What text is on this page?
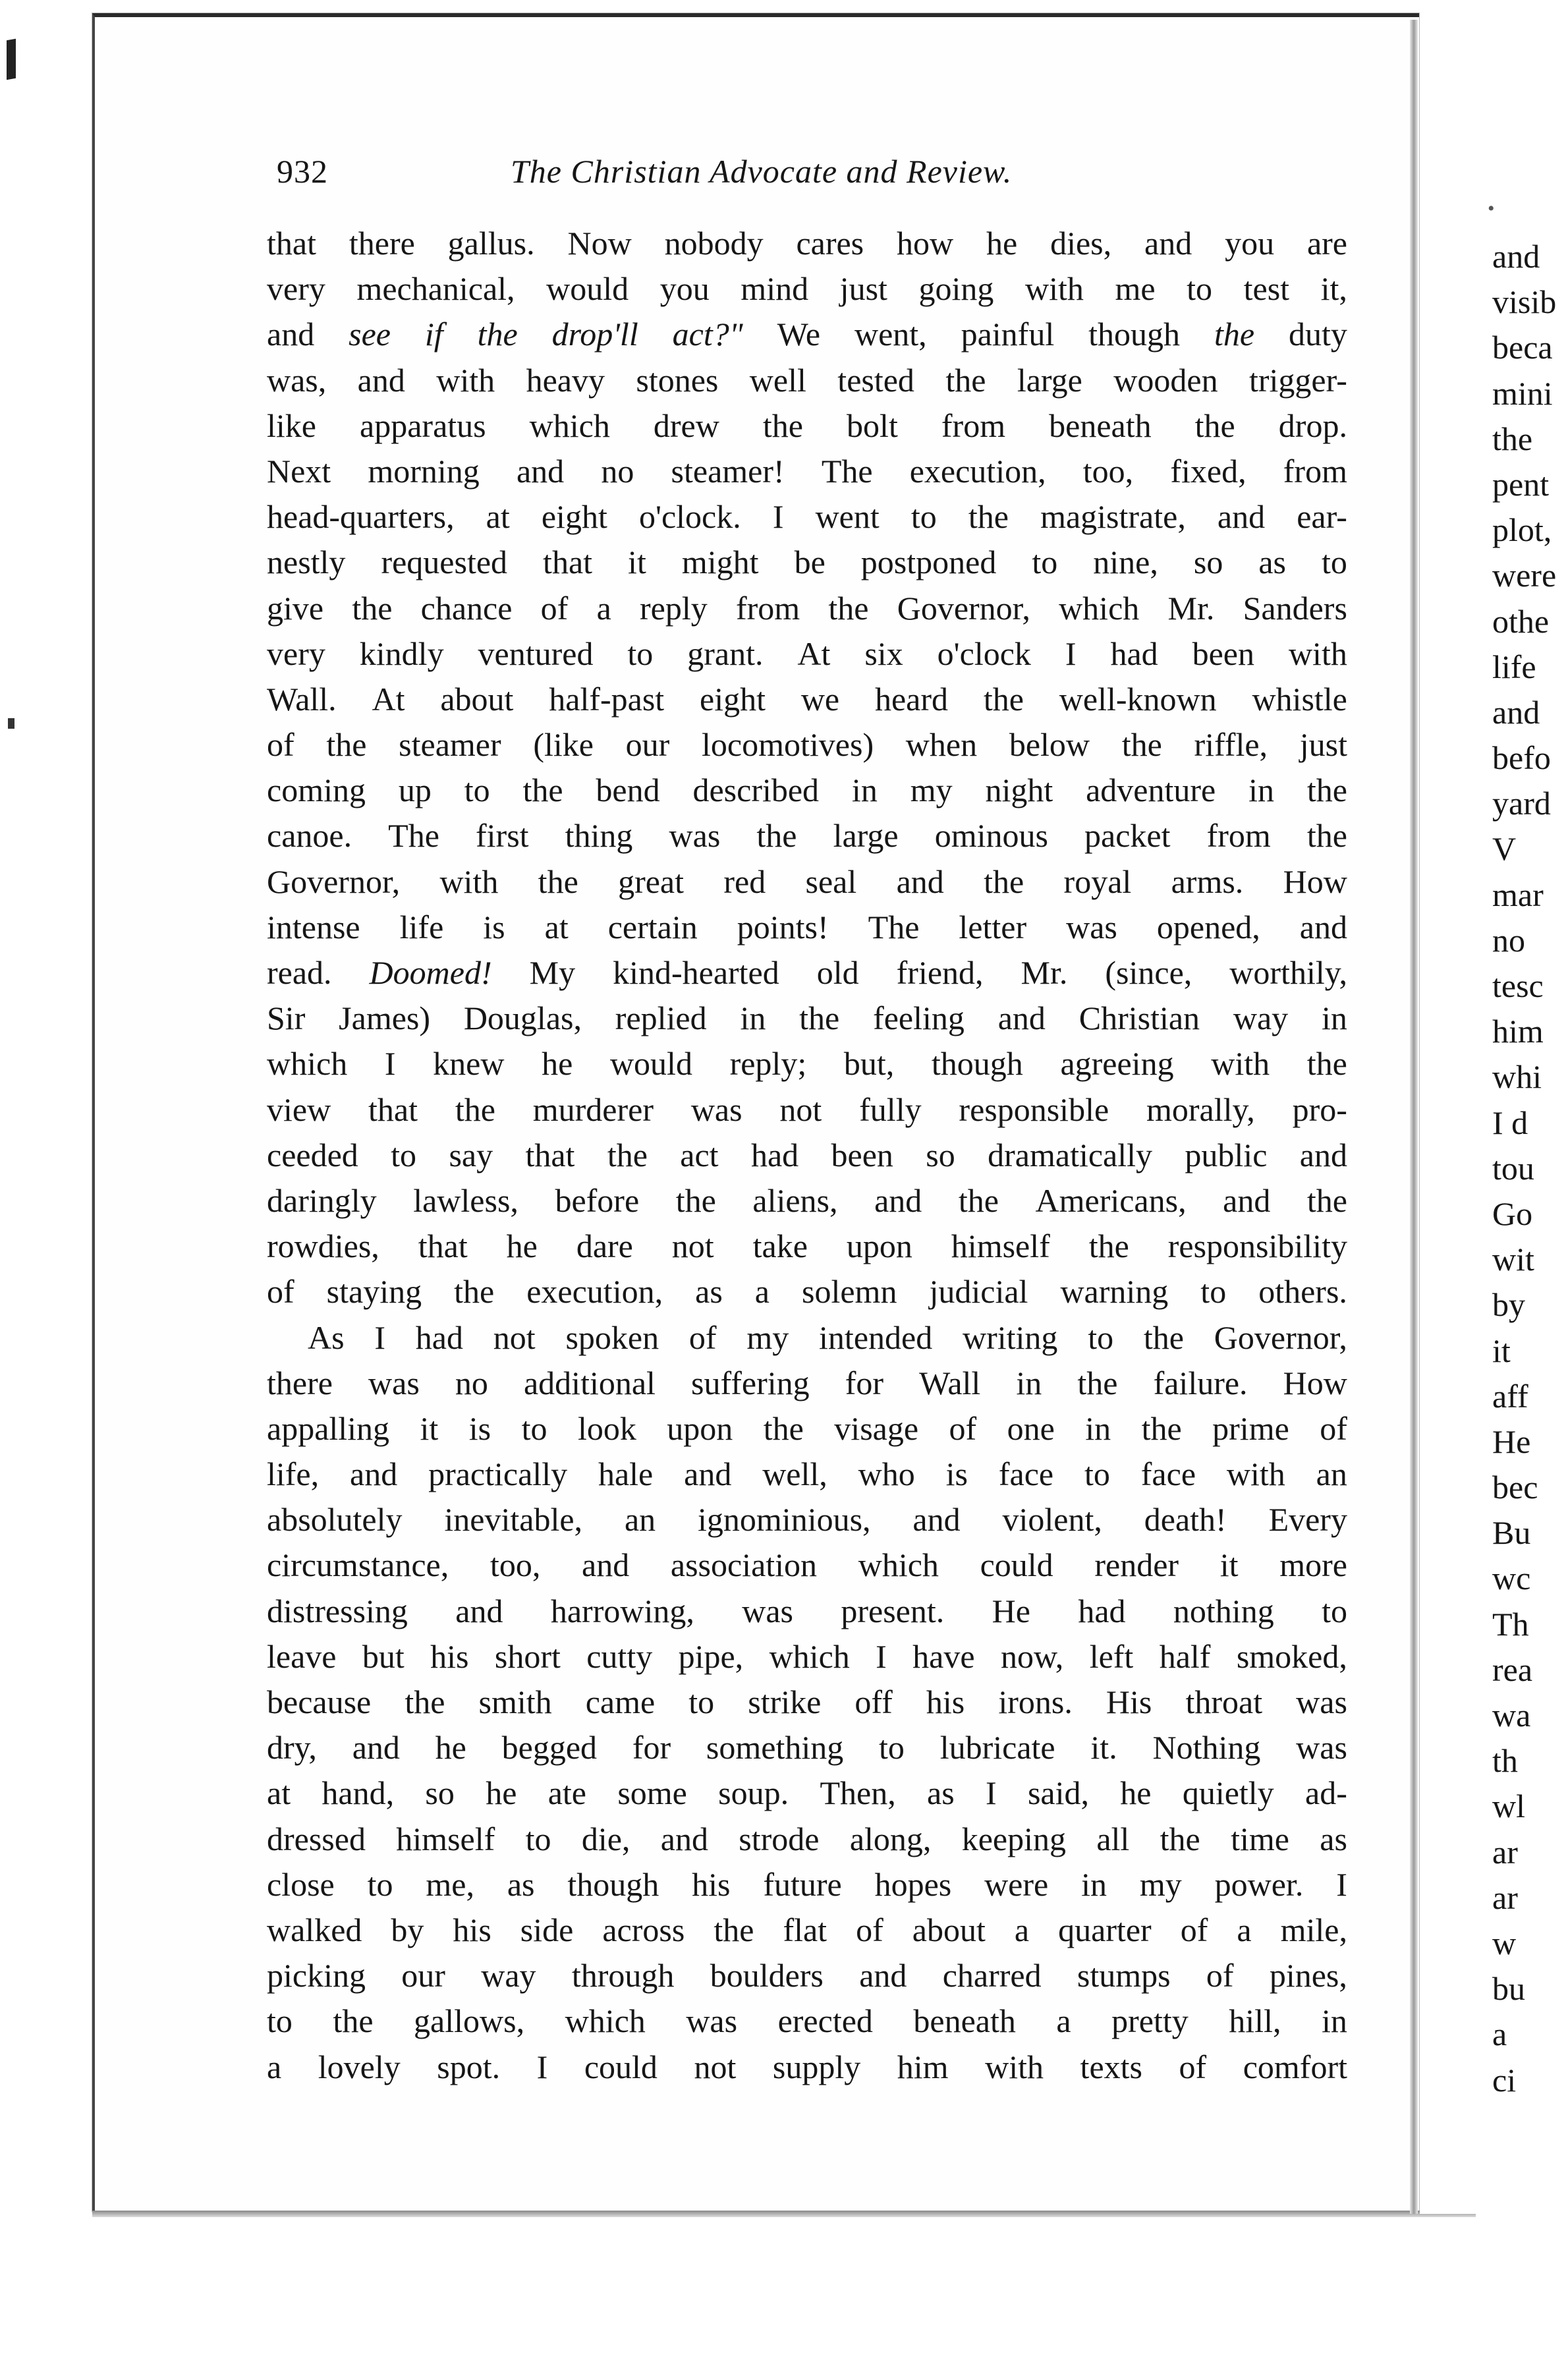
932	The Christian Advocate and Review.
that there gallus. Now nobody cares how he dies, and you are
very mechanical, would you mind just going with me to test it,
and see if the drop'll act?" We went, painful though the duty
was, and with heavy stones well tested the large wooden trigger-
like apparatus which drew the bolt from beneath the drop.
Next morning and no steamer! The execution, too, fixed, from
head-quarters, at eight o'clock. I went to the magistrate, and ear-
nestly requested that it might be postponed to nine, so as to
give the chance of a reply from the Governor, which Mr. Sanders
very kindly ventured to grant. At six o'clock I had been with
Wall. At about half-past eight we heard the well-known whistle
of the steamer (like our locomotives) when below the riffle, just
coming up to the bend described in my night adventure in the
canoe. The first thing was the large ominous packet from the
Governor, with the great red seal and the royal arms. How
intense life is at certain points! The letter was opened, and
read. Doomed! My kind-hearted old friend, Mr. (since, worthily,
Sir James) Douglas, replied in the feeling and Christian way in
which I knew he would reply; but, though agreeing with the
view that the murderer was not fully responsible morally, pro-
ceeded to say that the act had been so dramatically public and
daringly lawless, before the aliens, and the Americans, and the
rowdies, that he dare not take upon himself the responsibility
of staying the execution, as a solemn judicial warning to others.
As I had not spoken of my intended writing to the Governor,
there was no additional suffering for Wall in the failure. How
appalling it is to look upon the visage of one in the prime of
life, and practically hale and well, who is face to face with an
absolutely inevitable, an ignominious, and violent, death! Every
circumstance, too, and association which could render it more
distressing and harrowing, was present. He had nothing to
leave but his short cutty pipe, which I have now, left half smoked,
because the smith came to strike off his irons. His throat was
dry, and he begged for something to lubricate it. Nothing was
at hand, so he ate some soup. Then, as I said, he quietly ad-
dressed himself to die, and strode along, keeping all the time as
close to me, as though his future hopes were in my power. I
walked by his side across the flat of about a quarter of a mile,
picking our way through boulders and charred stumps of pines,
to the gallows, which was erected beneath a pretty hill, in
a lovely spot. I could not supply him with texts of comfort
•
and
visib
beca
mini
the
pent
plot,
were
othe
life
and
befo
yard
V
mar
no
tesc
him
whi
I d
tou
Go
wit
by
it
aff
He
bec
Bu
wc
Th
rea
wa
th
wl
ar
ar
w
bu
a
ci
